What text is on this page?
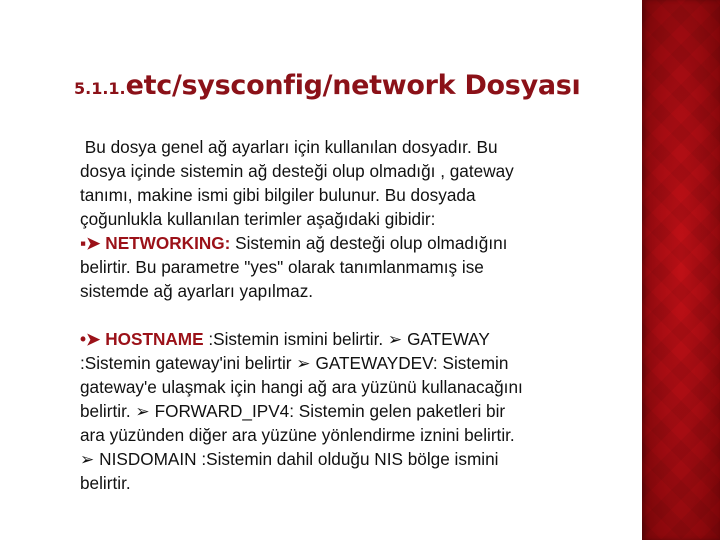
5.1.1.etc/sysconfig/network Dosyası
Bu dosya genel ağ ayarları için kullanılan dosyadır. Bu
dosya içinde sistemin ağ desteği olup olmadığı , gateway
tanımı, makine ismi gibi bilgiler bulunur. Bu dosyada
çoğunlukla kullanılan terimler aşağıdaki gibidir:
▪➤ NETWORKING: Sistemin ağ desteği olup olmadığını
belirtir. Bu parametre "yes" olarak tanımlanmamış ise
sistemde ağ ayarları yapılmaz.
•➤ HOSTNAME :Sistemin ismini belirtir. ➢ GATEWAY
:Sistemin gateway'ini belirtir ➢ GATEWAYDEV: Sistemin
gateway'e ulaşmak için hangi ağ ara yüzünü kullanacağını
belirtir. ➢ FORWARD_IPV4: Sistemin gelen paketleri bir
ara yüzünden diğer ara yüzüne yönlendirme iznini belirtir.
➢ NISDOMAIN :Sistemin dahil olduğu NIS bölge ismini
belirtir.
